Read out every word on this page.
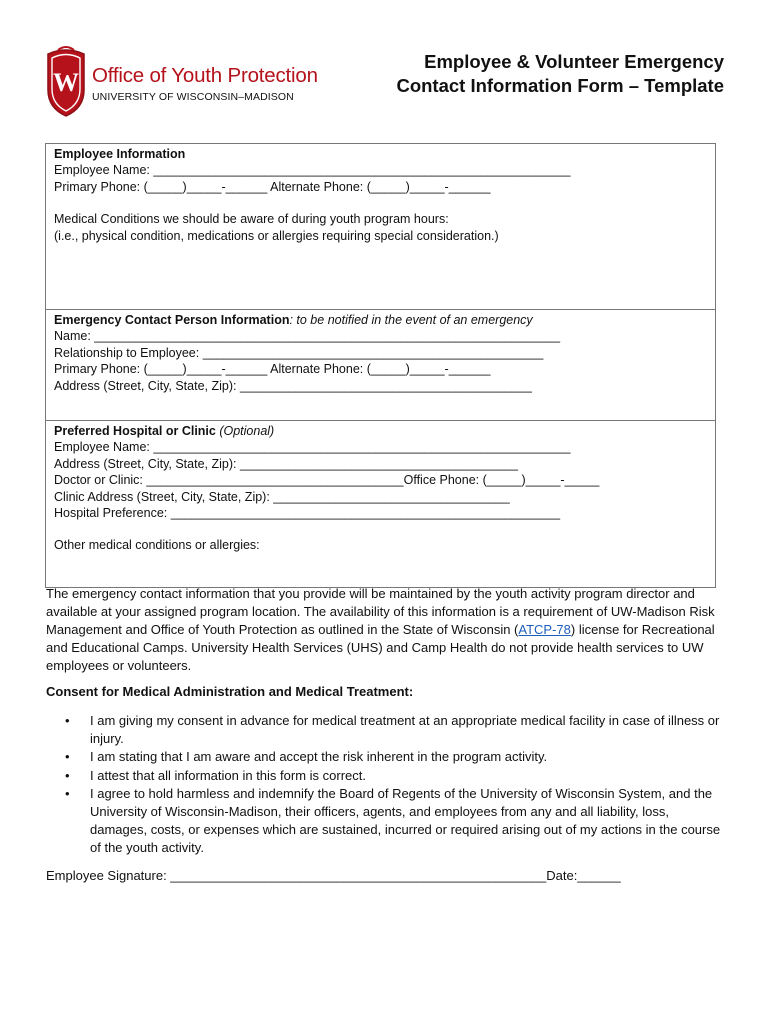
W Office of Youth Protection
UNIVERSITY OF WISCONSIN–MADISON
Employee & Volunteer Emergency
Contact Information Form – Template
Employee Information
Employee Name: ____________________________________________________________
Primary Phone: (_____)_____-______ Alternate Phone: (_____)_____-______
Medical Conditions we should be aware of during youth program hours:
(i.e., physical condition, medications or allergies requiring special consideration.)
Emergency Contact Person Information: to be notified in the event of an emergency
Name: ___________________________________________________________________
Relationship to Employee: _________________________________________________
Primary Phone: (_____)_____-______ Alternate Phone: (_____)_____-______
Address (Street, City, State, Zip): __________________________________________
Preferred Hospital or Clinic (Optional)
Employee Name: ____________________________________________________________
Address (Street, City, State, Zip): ________________________________________
Doctor or Clinic: _____________________________________Office Phone: (_____)_____-_____
Clinic Address (Street, City, State, Zip): __________________________________
Hospital Preference: ________________________________________________________
Other medical conditions or allergies:
The emergency contact information that you provide will be maintained by the youth activity program director and available at your assigned program location. The availability of this information is a requirement of UW-Madison Risk Management and Office of Youth Protection as outlined in the State of Wisconsin (ATCP-78) license for Recreational and Educational Camps. University Health Services (UHS) and Camp Health do not provide health services to UW employees or volunteers.
Consent for Medical Administration and Medical Treatment:
• I am giving my consent in advance for medical treatment at an appropriate medical facility in case of illness or injury.
• I am stating that I am aware and accept the risk inherent in the program activity.
• I attest that all information in this form is correct.
• I agree to hold harmless and indemnify the Board of Regents of the University of Wisconsin System, and the University of Wisconsin-Madison, their officers, agents, and employees from any and all liability, loss, damages, costs, or expenses which are sustained, incurred or required arising out of my actions in the course of the youth activity.
Employee Signature: ____________________________________________________Date:______
